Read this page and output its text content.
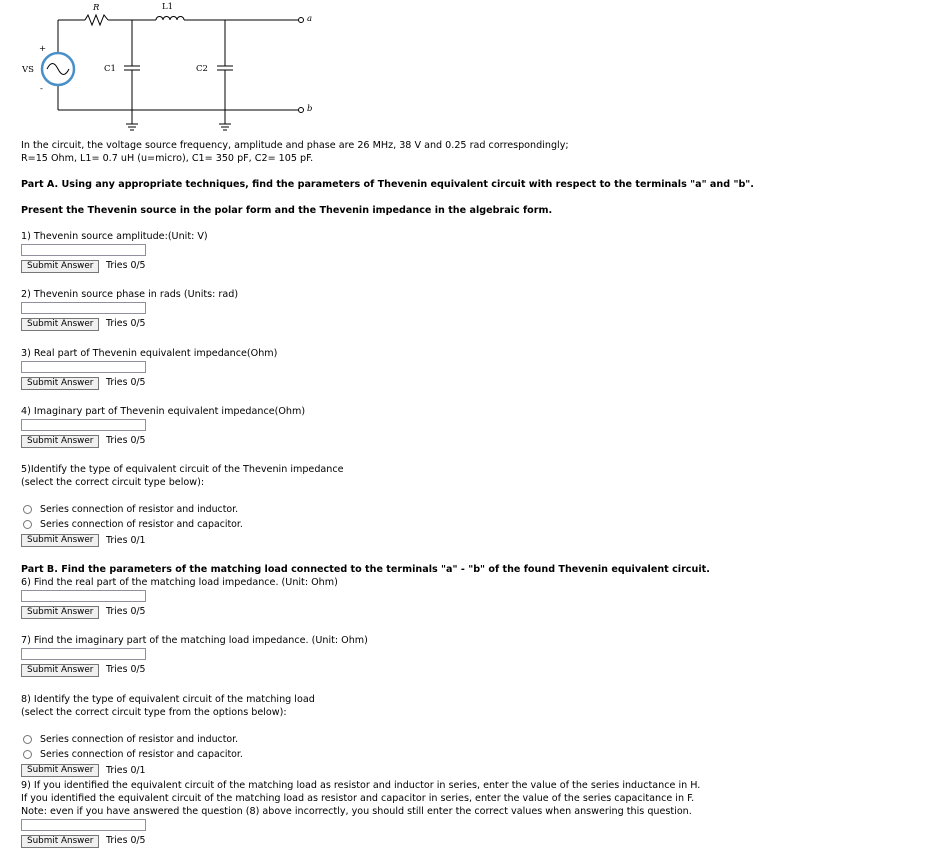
R	L1
C1	C2
VS
+
-
a
b
In the circuit, the voltage source frequency, amplitude and phase are 26 MHz, 38 V and 0.25 rad correspondingly;
R=15 Ohm, L1= 0.7 uH (u=micro), C1= 350 pF, C2= 105 pF.
Part A. Using any appropriate techniques, find the parameters of Thevenin equivalent circuit with respect to the terminals "a" and "b".
Present the Thevenin source in the polar form and the Thevenin impedance in the algebraic form.
1) Thevenin source amplitude:(Unit: V)
Submit Answer	Tries 0/5
2) Thevenin source phase in rads (Units: rad)
Submit Answer	Tries 0/5
3) Real part of Thevenin equivalent impedance(Ohm)
Submit Answer	Tries 0/5
4) Imaginary part of Thevenin equivalent impedance(Ohm)
Submit Answer	Tries 0/5
5)Identify the type of equivalent circuit of the Thevenin impedance
(select the correct circuit type below):
Series connection of resistor and inductor.
Series connection of resistor and capacitor.
Submit Answer	Tries 0/1
Part B. Find the parameters of the matching load connected to the terminals "a" - "b" of the found Thevenin equivalent circuit.
6) Find the real part of the matching load impedance. (Unit: Ohm)
Submit Answer	Tries 0/5
7) Find the imaginary part of the matching load impedance. (Unit: Ohm)
Submit Answer	Tries 0/5
8) Identify the type of equivalent circuit of the matching load
(select the correct circuit type from the options below):
Series connection of resistor and inductor.
Series connection of resistor and capacitor.
Submit Answer	Tries 0/1
9) If you identified the equivalent circuit of the matching load as resistor and inductor in series, enter the value of the series inductance in H.
If you identified the equivalent circuit of the matching load as resistor and capacitor in series, enter the value of the series capacitance in F.
Note: even if you have answered the question (8) above incorrectly, you should still enter the correct values when answering this question.
Submit Answer	Tries 0/5
